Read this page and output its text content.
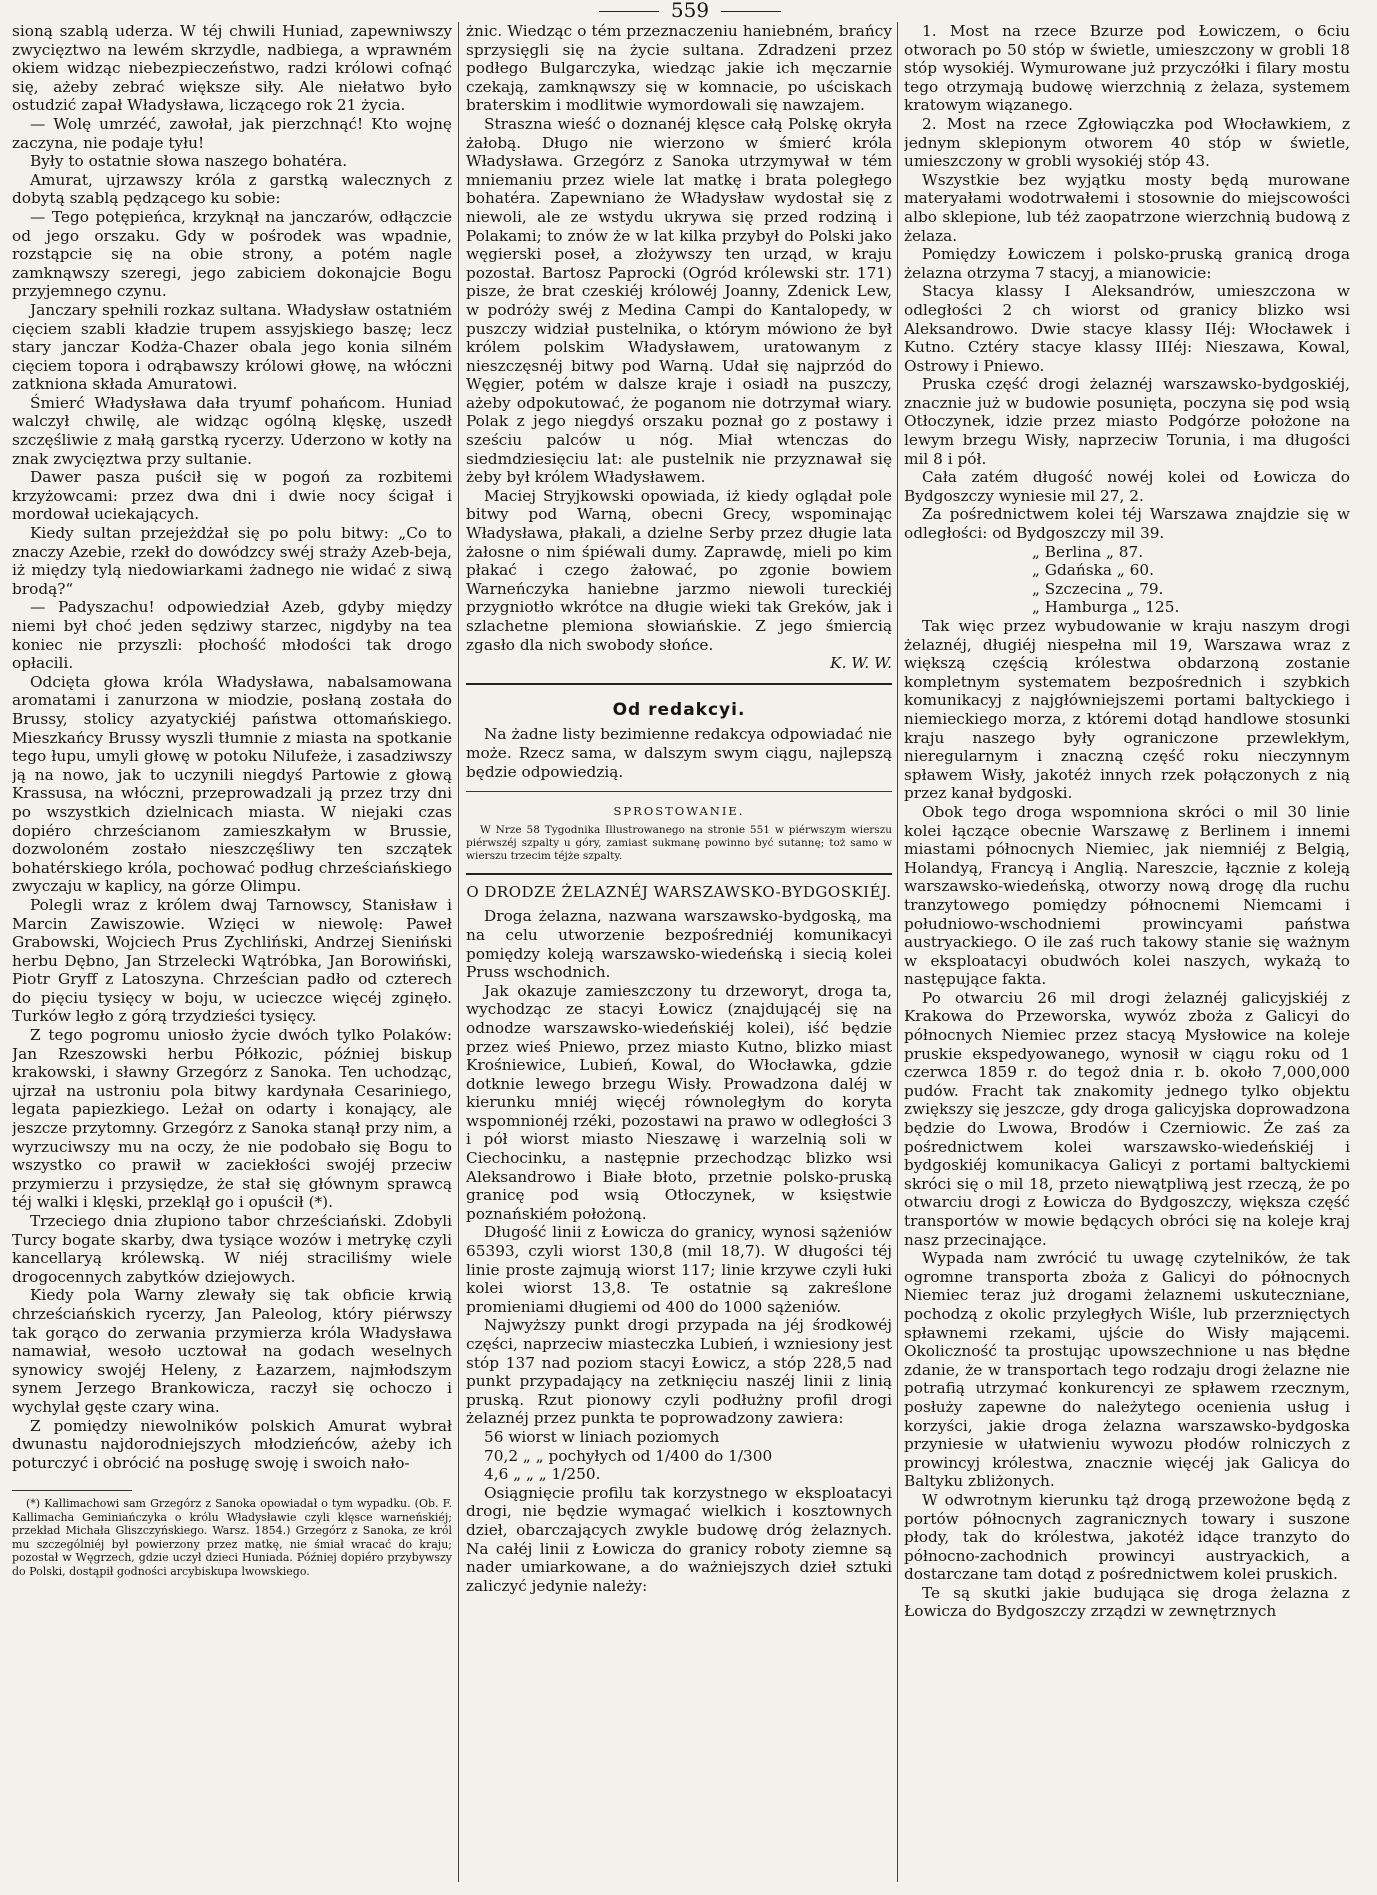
559

sioną szablą uderza. W téj chwili Huniad, zapewniwszy zwycięztwo na lewém skrzydle, nadbiega, a wprawném okiem widząc niebezpieczeństwo, radzi królowi cofnąć się, ażeby zebrać większe siły. Ale niełatwo było ostudzić zapał Władysława, liczącego rok 21 życia.

— Wolę umrzéć, zawołał, jak pierzchnąć! Kto wojnę zaczyna, nie podaje tyłu!

Były to ostatnie słowa naszego bohatéra.

Amurat, ujrzawszy króla z garstką walecznych z dobytą szablą pędzącego ku sobie:

— Tego potępieńca, krzyknął na janczarów, odłączcie od jego orszaku. Gdy w pośrodek was wpadnie, rozstąpcie się na obie strony, a potém nagle zamknąwszy szeregi, jego zabiciem dokonajcie Bogu przyjemnego czynu.

Janczary spełnili rozkaz sultana. Władysław ostatniém cięciem szabli kładzie trupem assyjskiego baszę; lecz stary janczar Kodża-Chazer obala jego konia silném cięciem topora i odrąbawszy królowi głowę, na włóczni zatkniona składa Amuratowi.

Śmierć Władysława dała tryumf pohańcom. Huniad walczył chwilę, ale widząc ogólną klęskę, uszedł szczęśliwie z małą garstką rycerzy. Uderzono w kotły na znak zwycięztwa przy sultanie.

Dawer pasza puścił się w pogoń za rozbitemi krzyżowcami: przez dwa dni i dwie nocy ścigał i mordował uciekających.

Kiedy sultan przejeżdżał się po polu bitwy: „Co to znaczy Azebie, rzekł do dowódzcy swéj straży Azeb-beja, iż między tylą niedowiarkami żadnego nie widać z siwą brodą?“

— Padyszachu! odpowiedział Azeb, gdyby między niemi był choć jeden sędziwy starzec, nigdyby na tea koniec nie przyszli: płochość młodości tak drogo opłacili.

Odcięta głowa króla Władysława, nabalsamowana aromatami i zanurzona w miodzie, posłaną została do Brussy, stolicy azyatyckiéj państwa ottomańskiego. Mieszkańcy Brussy wyszli tłumnie z miasta na spotkanie tego łupu, umyli głowę w potoku Nilufeże, i zasadziwszy ją na nowo, jak to uczynili niegdyś Partowie z głową Krassusa, na włóczni, przeprowadzali ją przez trzy dni po wszystkich dzielnicach miasta. W niejaki czas dopiéro chrześcianom zamieszkałym w Brussie, dozwoloném zostało nieszczęśliwy ten szczątek bohatérskiego króla, pochować podług chrześciańskiego zwyczaju w kaplicy, na górze Olimpu.

Polegli wraz z królem dwaj Tarnowscy, Stanisław i Marcin Zawiszowie. Wzięci w niewolę: Paweł Grabowski, Wojciech Prus Zychliński, Andrzej Sieniński herbu Dębno, Jan Strzelecki Wątróbka, Jan Borowiński, Piotr Gryff z Latoszyna. Chrześcian padło od czterech do pięciu tysięcy w boju, w ucieczce więcéj zginęło. Turków legło z górą trzydzieści tysięcy.

Z tego pogromu uniosło życie dwóch tylko Polaków: Jan Rzeszowski herbu Półkozic, później biskup krakowski, i sławny Grzegórz z Sanoka. Ten uchodząc, ujrzał na ustroniu pola bitwy kardynała Cesariniego, legata papiezkiego. Leżał on odarty i konający, ale jeszcze przytomny. Grzegórz z Sanoka stanął przy nim, a wyrzuciwszy mu na oczy, że nie podobało się Bogu to wszystko co prawił w zaciekłości swojéj przeciw przymierzu i przysiędze, że stał się głównym sprawcą téj walki i klęski, przeklął go i opuścił (*).

Trzeciego dnia złupiono tabor chrześciański. Zdobyli Turcy bogate skarby, dwa tysiące wozów i metrykę czyli kancellaryą królewską. W niéj straciliśmy wiele drogocennych zabytków dziejowych.

Kiedy pola Warny zlewały się tak obficie krwią chrześciańskich rycerzy, Jan Paleolog, który piérwszy tak gorąco do zerwania przymierza króla Władysława namawiał, wesoło ucztował na godach weselnych synowicy swojéj Heleny, z Łazarzem, najmłodszym synem Jerzego Brankowicza, raczył się ochoczo i wychylał gęste czary wina.

Z pomiędzy niewolników polskich Amurat wybrał dwunastu najdorodniejszych młodzieńców, ażeby ich poturczyć i obrócić na posługę swoję i swoich nało-

(*) Kallimachowi sam Grzegórz z Sanoka opowiadał o tym wypadku. (Ob. F. Kallimacha Geminiańczyka o królu Władysławie czyli klęsce warneńskiéj; przekład Michała Gliszczyńskiego. Warsz. 1854.) Grzegórz z Sanoka, ze król mu szczególniéj był powierzony przez matkę, nie śmiał wracać do kraju; pozostał w Węgrzech, gdzie uczył dzieci Huniada. Później dopiéro przybywszy do Polski, dostąpił godności arcybiskupa lwowskiego.

żnic. Wiedząc o tém przeznaczeniu haniebném, brańcy sprzysięgli się na życie sultana. Zdradzeni przez podłego Bulgarczyka, wiedząc jakie ich męczarnie czekają, zamknąwszy się w komnacie, po uściskach braterskim i modlitwie wymordowali się nawzajem.

Straszna wieść o doznanéj klęsce całą Polskę okryła żałobą. Długo nie wierzono w śmierć króla Władysława. Grzegórz z Sanoka utrzymywał w tém mniemaniu przez wiele lat matkę i brata poległego bohatéra. Zapewniano że Władysław wydostał się z niewoli, ale ze wstydu ukrywa się przed rodziną i Polakami; to znów że w lat kilka przybył do Polski jako węgierski poseł, a złożywszy ten urząd, w kraju pozostał. Bartosz Paprocki (Ogród królewski str. 171) pisze, że brat czeskiéj królowéj Joanny, Zdenick Lew, w podróży swéj z Medina Campi do Kantalopedy, w puszczy widział pustelnika, o którym mówiono że był królem polskim Władysławem, uratowanym z nieszczęsnéj bitwy pod Warną. Udał się najprzód do Węgier, potém w dalsze kraje i osiadł na puszczy, ażeby odpokutować, że poganom nie dotrzymał wiary. Polak z jego niegdyś orszaku poznał go z postawy i sześciu palców u nóg. Miał wtenczas do siedmdziesięciu lat: ale pustelnik nie przyznawał się żeby był królem Władysławem.

Maciej Stryjkowski opowiada, iż kiedy oglądał pole bitwy pod Warną, obecni Grecy, wspominając Władysława, płakali, a dzielne Serby przez długie lata żałosne o nim śpiéwali dumy. Zaprawdę, mieli po kim płakać i czego żałować, po zgonie bowiem Warneńczyka haniebne jarzmo niewoli tureckiéj przygniotło wkrótce na długie wieki tak Greków, jak i szlachetne plemiona słowiańskie. Z jego śmiercią zgasło dla nich swobody słońce.

K. W. W.
Od redakcyi.

Na żadne listy bezimienne redakcya odpowiadać nie może. Rzecz sama, w dalszym swym ciągu, najlepszą będzie odpowiedzią.

SPROSTOWANIE.

W Nrze 58 Tygodnika Illustrowanego na stronie 551 w piérwszym wierszu piérwszéj szpalty u góry, zamiast sukmanę powinno być sutannę; toż samo w wierszu trzecim téjże szpalty.

O DRODZE ŻELAZNÉJ WARSZAWSKO-BYDGOSKIÉJ.

Droga żelazna, nazwana warszawsko-bydgoską, ma na celu utworzenie bezpośredniéj komunikacyi pomiędzy koleją warszawsko-wiedeńską i siecią kolei Pruss wschodnich.

Jak okazuje zamieszczony tu drzeworyt, droga ta, wychodząc ze stacyi Łowicz (znajdującéj się na odnodze warszawsko-wiedeńskiéj kolei), iść będzie przez wieś Pniewo, przez miasto Kutno, blizko miast Krośniewice, Lubień, Kowal, do Włocławka, gdzie dotknie lewego brzegu Wisły. Prowadzona daléj w kierunku mniéj więcéj równoległym do koryta wspomnionéj rzéki, pozostawi na prawo w odległości 3 i pół wiorst miasto Nieszawę i warzelnią soli w Ciechocinku, a następnie przechodząc blizko wsi Aleksandrowo i Białe błoto, przetnie polsko-pruską granicę pod wsią Otłoczynek, w księstwie poznańskiém położoną.

Długość linii z Łowicza do granicy, wynosi sążeniów 65393, czyli wiorst 130,8 (mil 18,7). W długości téj linie proste zajmują wiorst 117; linie krzywe czyli łuki kolei wiorst 13,8. Te ostatnie są zakreślone promieniami długiemi od 400 do 1000 sążeniów.

Najwyższy punkt drogi przypada na jéj środkowéj części, naprzeciw miasteczka Lubień, i wzniesiony jest stóp 137 nad poziom stacyi Łowicz, a stóp 228,5 nad punkt przypadający na zetknięciu naszéj linii z linią pruską. Rzut pionowy czyli podłużny profil drogi żelaznéj przez punkta te poprowadzony zawiera:

56 wiorst w liniach poziomych
70,2 „ „ pochyłych od 1/400 do 1/300
4,6 „ „ „ 1/250.

Osiągnięcie profilu tak korzystnego w eksploatacyi drogi, nie będzie wymagać wielkich i kosztownych dzieł, obarczających zwykle budowę dróg żelaznych. Na całéj linii z Łowicza do granicy roboty ziemne są nader umiarkowane, a do ważniejszych dzieł sztuki zaliczyć jedynie należy:

1. Most na rzece Bzurze pod Łowiczem, o 6ciu otworach po 50 stóp w świetle, umieszczony w grobli 18 stóp wysokiéj. Wymurowane już przyczółki i filary mostu tego otrzymają budowę wierzchnią z żelaza, systemem kratowym wiązanego.

2. Most na rzece Zgłowiączka pod Włocławkiem, z jednym sklepionym otworem 40 stóp w świetle, umieszczony w grobli wysokiéj stóp 43.

Wszystkie bez wyjątku mosty będą murowane materyałami wodotrwałemi i stosownie do miejscowości albo sklepione, lub téż zaopatrzone wierzchnią budową z żelaza.

Pomiędzy Łowiczem i polsko-pruską granicą droga żelazna otrzyma 7 stacyj, a mianowicie:

Stacya klassy I Aleksandrów, umieszczona w odległości 2 ch wiorst od granicy blizko wsi Aleksandrowo. Dwie stacye klassy IIéj: Włocławek i Kutno. Cztéry stacye klassy IIIéj: Nieszawa, Kowal, Ostrowy i Pniewo.

Pruska część drogi żelaznéj warszawsko-bydgoskiéj, znacznie już w budowie posunięta, poczyna się pod wsią Otłoczynek, idzie przez miasto Podgórze położone na lewym brzegu Wisły, naprzeciw Torunia, i ma długości mil 8 i pół.

Cała zatém długość nowéj kolei od Łowicza do Bydgoszczy wyniesie mil 27, 2.

Za pośrednictwem kolei téj Warszawa znajdzie się w odległości: od Bydgoszczy mil 39.

„ Berlina „ 87.
„ Gdańska „ 60.
„ Szczecina „ 79.
„ Hamburga „ 125.

Tak więc przez wybudowanie w kraju naszym drogi żelaznéj, długiéj niespełna mil 19, Warszawa wraz z większą częścią królestwa obdarzoną zostanie kompletnym systematem bezpośrednich i szybkich komunikacyj z najgłówniejszemi portami baltyckiego i niemieckiego morza, z któremi dotąd handlowe stosunki kraju naszego były ograniczone przewlekłym, nieregularnym i znaczną część roku nieczynnym spławem Wisły, jakotéż innych rzek połączonych z nią przez kanał bydgoski.

Obok tego droga wspomniona skróci o mil 30 linie kolei łączące obecnie Warszawę z Berlinem i innemi miastami północnych Niemiec, jak niemniéj z Belgią, Holandyą, Francyą i Anglią. Nareszcie, łącznie z koleją warszawsko-wiedeńską, otworzy nową drogę dla ruchu tranzytowego pomiędzy północnemi Niemcami i południowo-wschodniemi prowincyami państwa austryackiego. O ile zaś ruch takowy stanie się ważnym w eksploatacyi obudwóch kolei naszych, wykażą to następujące fakta.

Po otwarciu 26 mil drogi żelaznéj galicyjskiéj z Krakowa do Przeworska, wywóz zboża z Galicyi do północnych Niemiec przez stacyą Mysłowice na koleje pruskie ekspedyowanego, wynosił w ciągu roku od 1 czerwca 1859 r. do tegoż dnia r. b. około 7,000,000 pudów. Fracht tak znakomity jednego tylko objektu zwiększy się jeszcze, gdy droga galicyjska doprowadzona będzie do Lwowa, Brodów i Czerniowic. Że zaś za pośrednictwem kolei warszawsko-wiedeńskiéj i bydgoskiéj komunikacya Galicyi z portami baltyckiemi skróci się o mil 18, przeto niewątpliwą jest rzeczą, że po otwarciu drogi z Łowicza do Bydgoszczy, większa część transportów w mowie będących obróci się na koleje kraj nasz przecinające.

Wypada nam zwrócić tu uwagę czytelników, że tak ogromne transporta zboża z Galicyi do północnych Niemiec teraz już drogami żelaznemi uskuteczniane, pochodzą z okolic przyległych Wiśle, lub przerznięctych spławnemi rzekami, ujście do Wisły mającemi. Okoliczność ta prostując upowszechnione u nas błędne zdanie, że w transportach tego rodzaju drogi żelazne nie potrafią utrzymać konkurencyi ze spławem rzecznym, posłuży zapewne do należytego ocenienia usług i korzyści, jakie droga żelazna warszawsko-bydgoska przyniesie w ułatwieniu wywozu płodów rolniczych z prowincyj królestwa, znacznie więcéj jak Galicya do Baltyku zbliżonych.

W odwrotnym kierunku tąż drogą przewożone będą z portów północnych zagranicznych towary i suszone płody, tak do królestwa, jakotéż idące tranzyto do północno-zachodnich prowincyi austryackich, a dostarczane tam dotąd z pośrednictwem kolei pruskich.

Te są skutki jakie budująca się droga żelazna z Łowicza do Bydgoszczy zrządzi w zewnętrznych
